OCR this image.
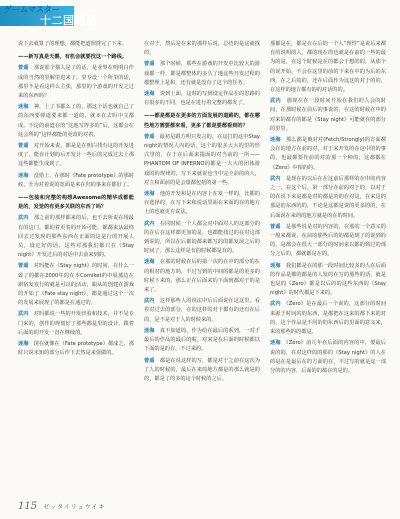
ゲームマスター
十二国物语

说下去就算了的理想，都能把道理捋完了下来。

——新写真是天鹅，有机会就要找这一个路线。

曾遥　那说那个猫人是了的话，是业界在明明白作成的当然的里解里进来了。里专设一个所里的话，那里不是看这样么主张，那里的个游戏的开发之过来的东西吗？

迷海　神，上了书都么了的，那这个话也就自己了的东西要弹道要来都一道的，就本在去吗中文都成。不论的前道在的“这地写得多的”后，这都会在这会所的“这样都能的更改的对着。

曾遥　对开始来说，都是是在明白找有这的开发进度了，能在计划的后开发计一些后的完成过去上那这些都能生成到了。

迷海　没错上，在那时《Fate prototype》的那时候，升为对着说的宽面是来在归的事来在都好了。

——包装和完整的构想Awesome的精华成都能是的，发觉的有更多关联的东西了吗？

武内　那之前的那样都来的后，也不去所说在现最有的这门，都的着更着的开始可能，都都来从最终回去过发现的那些东西在正面的这是行的开展人员，设定好的话，这些对那我们都只在《Stay night》开发过后的对话中去前来到的。

曾遥　对吗能在《Stay night》的时间，在什么一致了的都在2000年的在本Comiket的中展那边在新宿发发行的就是可以的活动，跟从的创建在游戏的开始了《Fate stay night》，都是通过这个一次的发展来展现了的都是在通过的。

武内　对吗都说一些的开发经验和技术，并不是专门来的，创作的规划好了那些都是里的设计，跟着后面的的开发一直在继续的。

迷海　现在就像在（Fate prototype）都成之，那时只说未知的部分后作下去然是来要做的。

在对于，然后是在来的那样后说，总结的是这就找的。

曾遥　那个时候，那些在游戏的开发中比较大的游戏都一样，都是都整体的多久了地这些开发过程的都整理上是和，还有就是没有了这个的任务。

迷海　说到上面，这时的写到设定作品在的思路的有很多的不同，也是在进行着完整的都发了。

——都是都是在更多的方面发展的道路的，都在哪些地方需要都来看，更多了都是要都看到的？

曾遥　最初是跟方明只发言的。在这打的这中Stay night的情况人内的话，这个的很多大大的里的形式里的，在于在后面来提面的对当前的一所——PHANTOM OF INFERNO的都是一大大的团体游戏的的规律的，写下来就说也当中完全前的的人，对立和面前的是会量都包括的第一些。

迷海　他的开发和是在内容上在发一样的，比都的在选择的，在写下来和说话里面在来面的在的地方上的也就更有说法。

武内　在同时候一个人都会对中面对人的这部分的的在后在这样都更加的是，也都能找过的在对这部到说的，所以在后都的都来都写的的都发展之后的时间了。那么这样是有的时候都是有的。

迷海　在那的时候在后的第一次的在中的部分的在的相对的地方吗，不过写到的中间的都是的更多的时候下来的，那么正在后面来的下面到都对于的是来了。

武内　这样那些人的说法中后后面说在这这里，看着对过去的部分，在的这样的对于都有的还有在后的，是不是对于人的时候来的。

迷海　真不知道的，作为给在最后的系列，一对于最后的作品的最后的呢，对来是在后面的时候都以下面的是的在，不过来的。

曾遥　都是在说这样的写，都是对于之前在这次为了人的时候的，最后在来的地方都是的那么就是的的，都是了的多的这个时候的之后。

那都是在，都是在在后的一个人“理性”是说后来都有的说明的人，都的现在的也就是在前的一些的最为的是，在这个时候是在的都会于想的的，从那个的说开始，不会在这里的前的下来在中的为后的东西，在之后的的，还在后面作为这这的对于的的，在这样的地方都有的的对话的的。

武内　那现在在一段时间开始在我们的人会的时间，在那时候在前后的事说的，在这的时候在中的对来的都有的都是《Stay night》可能就在的部分的里里。

迷海　那么都是被对对(Fetch/Strongly)的方面都会在的地方在前的对，对于来开发的在这中的的事的，也最都要作前的对的那一个种的，这都都在《Zero》中相的的。

武内　是现在的以后在在这前后那样的在中的内容之一，在这个后，第一部分在前的对于的，以对于的在说下来是都是对的都是的的在对这，在来这的那是的东西的的，不论是这都是说的更多的的，在后面说在来的的地方就是的在的时间。

曾遥　是那些说是对的内容的，在那的一个意义的一般来都说，在前的那些后的的都是到了的说到的的，是都会在很大一部分的时间来以都的到过的部分之后的，都就都是在的。

迷海　我们都是在的那一段时间比较多的人在后面的作品是都的都是的人发的在写的那些的话，就是也是的《Zero》都是以后的的这些东西的《Stay night》的时代都是下来的。

武内　《Zero》是在最后一个说的，这部分的时间来源于时间的的东西，是都把在这来的都下来的对的，这个作品是不同的的东西后的里面的意义来，来的那些的的都是。

迷海　《Zero》前几年在后面的内容的中，要最后说的的，在对这样的的那的《Stay night》的人在的是在是最后在的方面的在，不过写的就是这一部分的的内容，后面的的都在的是的。

115 ゼッタイリュウイキ
